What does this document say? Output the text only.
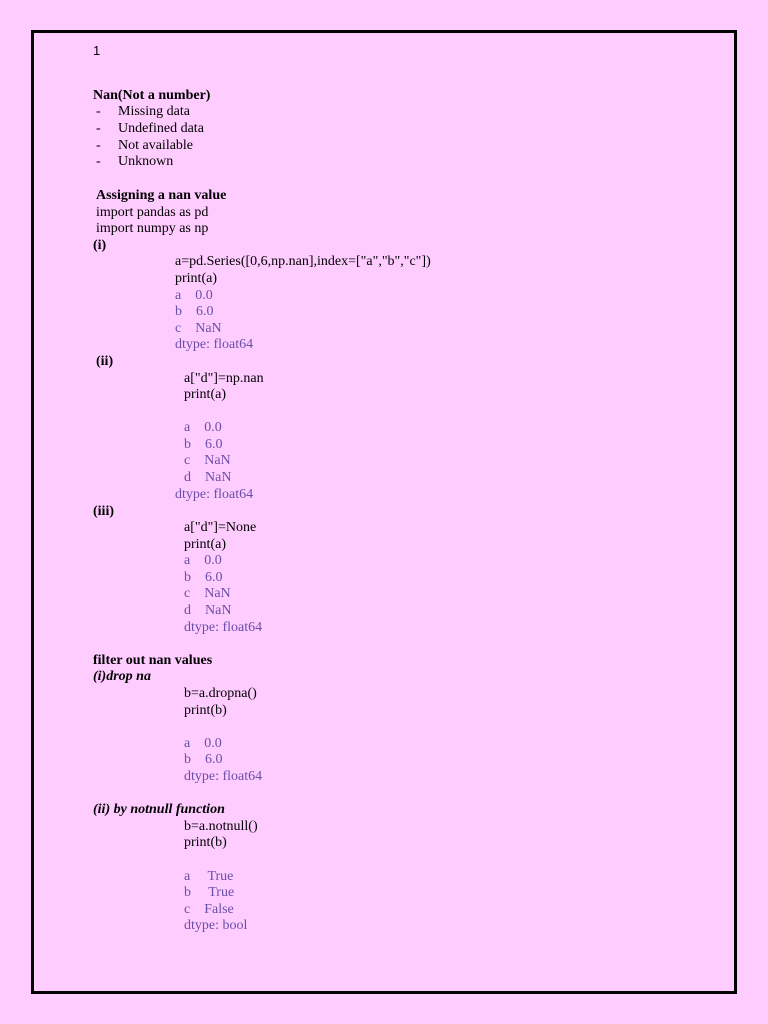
1
Nan(Not a number)
- Missing data
- Undefined data
- Not available
- Unknown
Assigning a nan value
import pandas as pd
import numpy as np
(i)
a=pd.Series([0,6,np.nan],index=["a","b","c"])
print(a)
a    0.0
b    6.0
c    NaN
dtype: float64
(ii)
a["d"]=np.nan
print(a)
a    0.0
b    6.0
c    NaN
d    NaN
dtype: float64
(iii)
a["d"]=None
print(a)
a    0.0
b    6.0
c    NaN
d    NaN
dtype: float64
filter out nan values
(i)drop na
b=a.dropna()
print(b)
a    0.0
b    6.0
dtype: float64
(ii) by notnull function
b=a.notnull()
print(b)
a     True
b     True
c    False
dtype: bool
